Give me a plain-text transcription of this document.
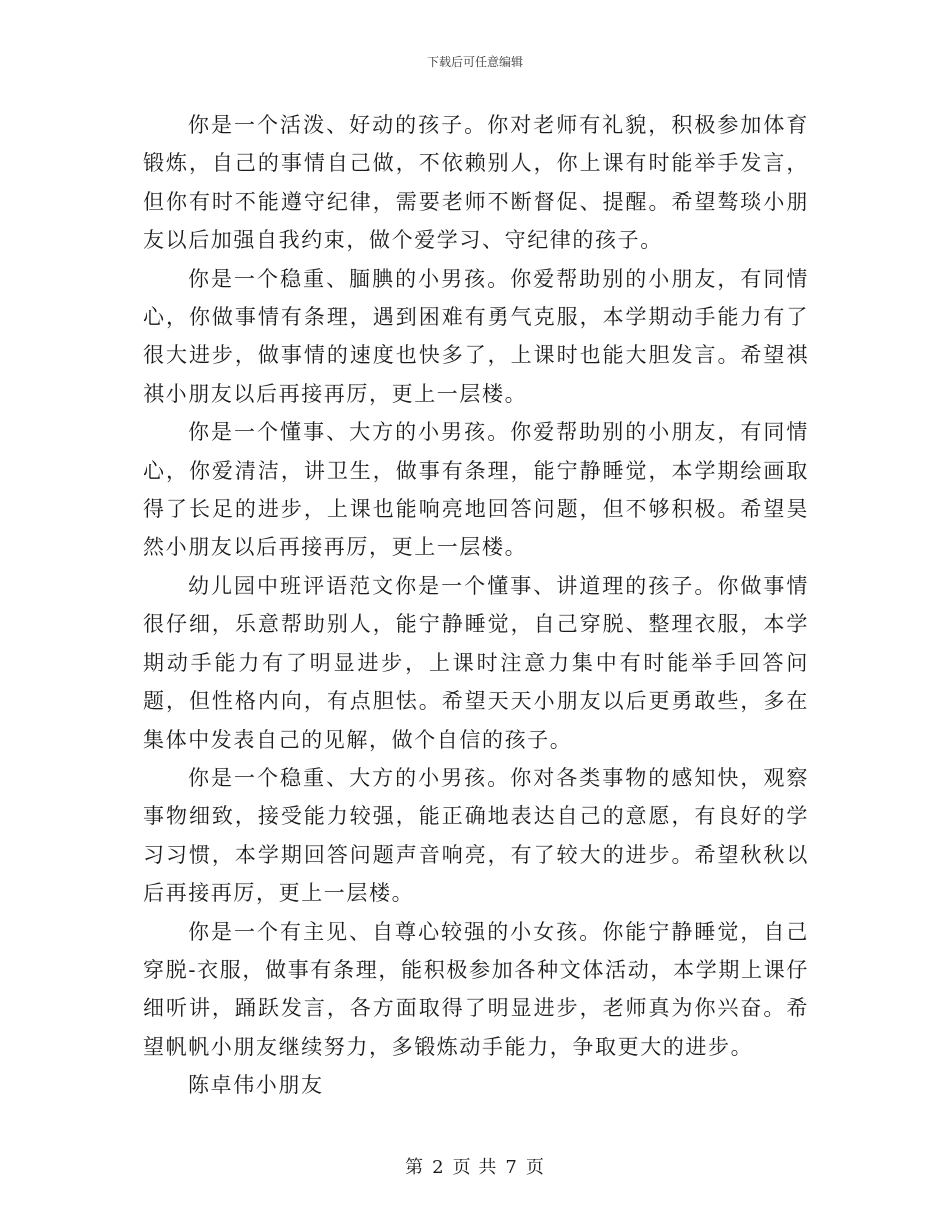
下载后可任意编辑

你是一个活泼、好动的孩子。你对老师有礼貌，积极参加体育锻炼，自己的事情自己做，不依赖别人，你上课有时能举手发言，但你有时不能遵守纪律，需要老师不断督促、提醒。希望骜琰小朋友以后加强自我约束，做个爱学习、守纪律的孩子。

你是一个稳重、腼腆的小男孩。你爱帮助别的小朋友，有同情心，你做事情有条理，遇到困难有勇气克服，本学期动手能力有了很大进步，做事情的速度也快多了，上课时也能大胆发言。希望祺祺小朋友以后再接再厉，更上一层楼。

你是一个懂事、大方的小男孩。你爱帮助别的小朋友，有同情心，你爱清洁，讲卫生，做事有条理，能宁静睡觉，本学期绘画取得了长足的进步，上课也能响亮地回答问题，但不够积极。希望昊然小朋友以后再接再厉，更上一层楼。

幼儿园中班评语范文你是一个懂事、讲道理的孩子。你做事情很仔细，乐意帮助别人，能宁静睡觉，自己穿脱、整理衣服，本学期动手能力有了明显进步，上课时注意力集中有时能举手回答问题，但性格内向，有点胆怯。希望天天小朋友以后更勇敢些，多在集体中发表自己的见解，做个自信的孩子。

你是一个稳重、大方的小男孩。你对各类事物的感知快，观察事物细致，接受能力较强，能正确地表达自己的意愿，有良好的学习习惯，本学期回答问题声音响亮，有了较大的进步。希望秋秋以后再接再厉，更上一层楼。

你是一个有主见、自尊心较强的小女孩。你能宁静睡觉，自己穿脱-衣服，做事有条理，能积极参加各种文体活动，本学期上课仔细听讲，踊跃发言，各方面取得了明显进步，老师真为你兴奋。希望帆帆小朋友继续努力，多锻炼动手能力，争取更大的进步。

陈卓伟小朋友

第 2 页 共 7 页
